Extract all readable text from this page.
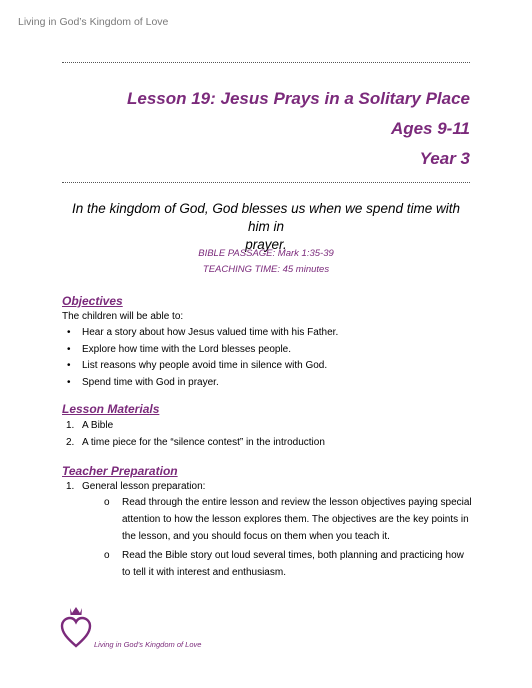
Living in God’s Kingdom of Love
Lesson 19: Jesus Prays in a Solitary Place
Ages 9-11
Year 3
In the kingdom of God, God blesses us when we spend time with him in
prayer.
BIBLE PASSAGE: Mark 1:35-39
TEACHING TIME: 45 minutes
Objectives
The children will be able to:
• Hear a story about how Jesus valued time with his Father.
• Explore how time with the Lord blesses people.
• List reasons why people avoid time in silence with God.
• Spend time with God in prayer.
Lesson Materials
1. A Bible
2. A time piece for the “silence contest” in the introduction
Teacher Preparation
1. General lesson preparation:
o Read through the entire lesson and review the lesson objectives paying special attention to how the lesson explores them. The objectives are the key points in the lesson, and you should focus on them when you teach it.
o Read the Bible story out loud several times, both planning and practicing how to tell it with interest and enthusiasm.
Living in God’s Kingdom of Love
